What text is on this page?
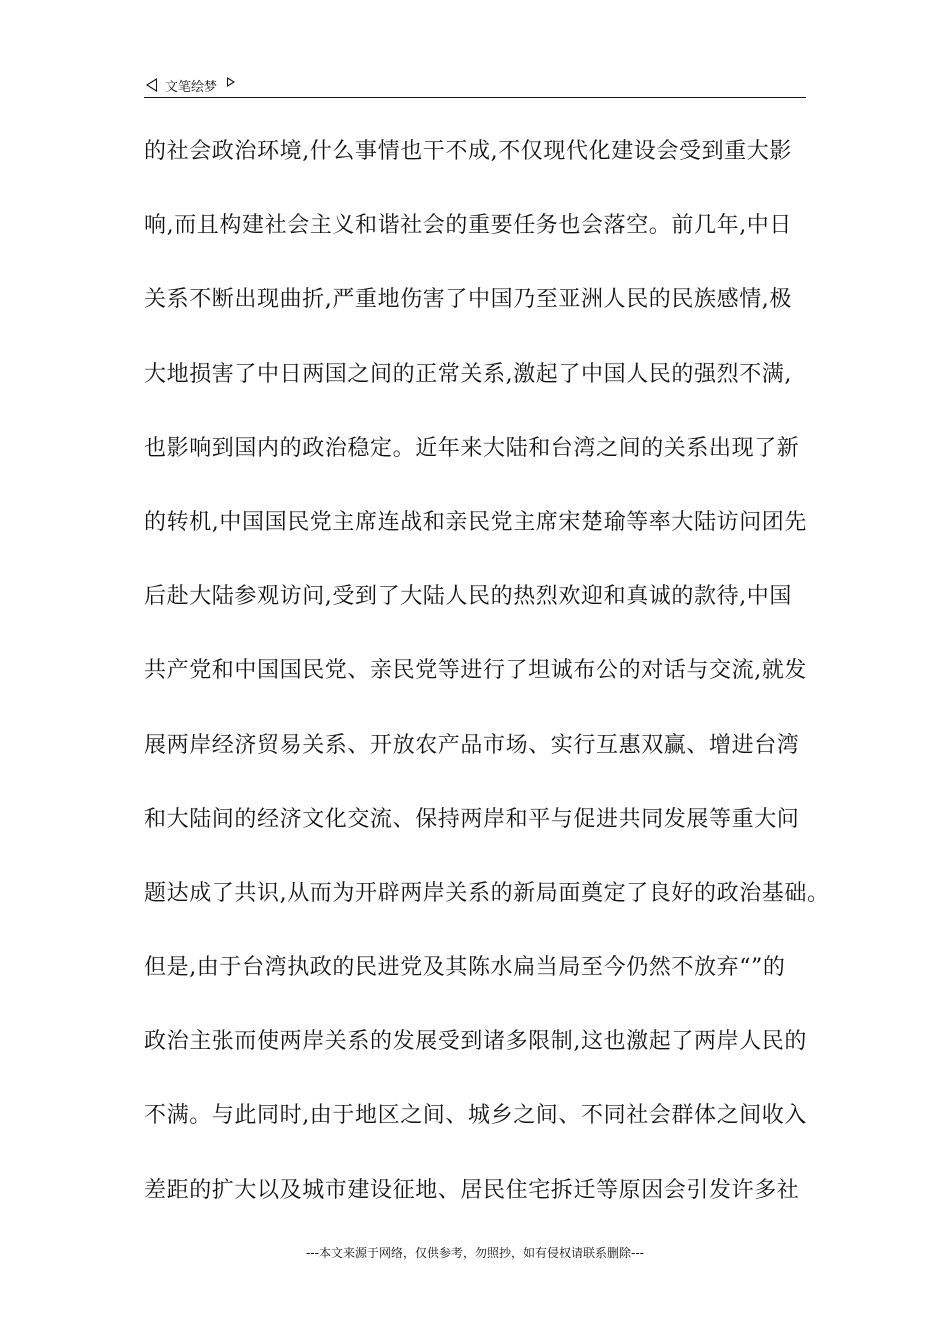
文笔绘梦
的社会政治环境,什么事情也干不成,不仅现代化建设会受到重大影
响,而且构建社会主义和谐社会的重要任务也会落空。前几年,中日
关系不断出现曲折,严重地伤害了中国乃至亚洲人民的民族感情,极
大地损害了中日两国之间的正常关系,激起了中国人民的强烈不满,
也影响到国内的政治稳定。近年来大陆和台湾之间的关系出现了新
的转机,中国国民党主席连战和亲民党主席宋楚瑜等率大陆访问团先
后赴大陆参观访问,受到了大陆人民的热烈欢迎和真诚的款待,中国
共产党和中国国民党、亲民党等进行了坦诚布公的对话与交流,就发
展两岸经济贸易关系、开放农产品市场、实行互惠双赢、增进台湾
和大陆间的经济文化交流、保持两岸和平与促进共同发展等重大问
题达成了共识,从而为开辟两岸关系的新局面奠定了良好的政治基础。
但是,由于台湾执政的民进党及其陈水扁当局至今仍然不放弃“”的
政治主张而使两岸关系的发展受到诸多限制,这也激起了两岸人民的
不满。与此同时,由于地区之间、城乡之间、不同社会群体之间收入
差距的扩大以及城市建设征地、居民住宅拆迁等原因会引发许多社
---本文来源于网络，仅供参考，勿照抄，如有侵权请联系删除---
